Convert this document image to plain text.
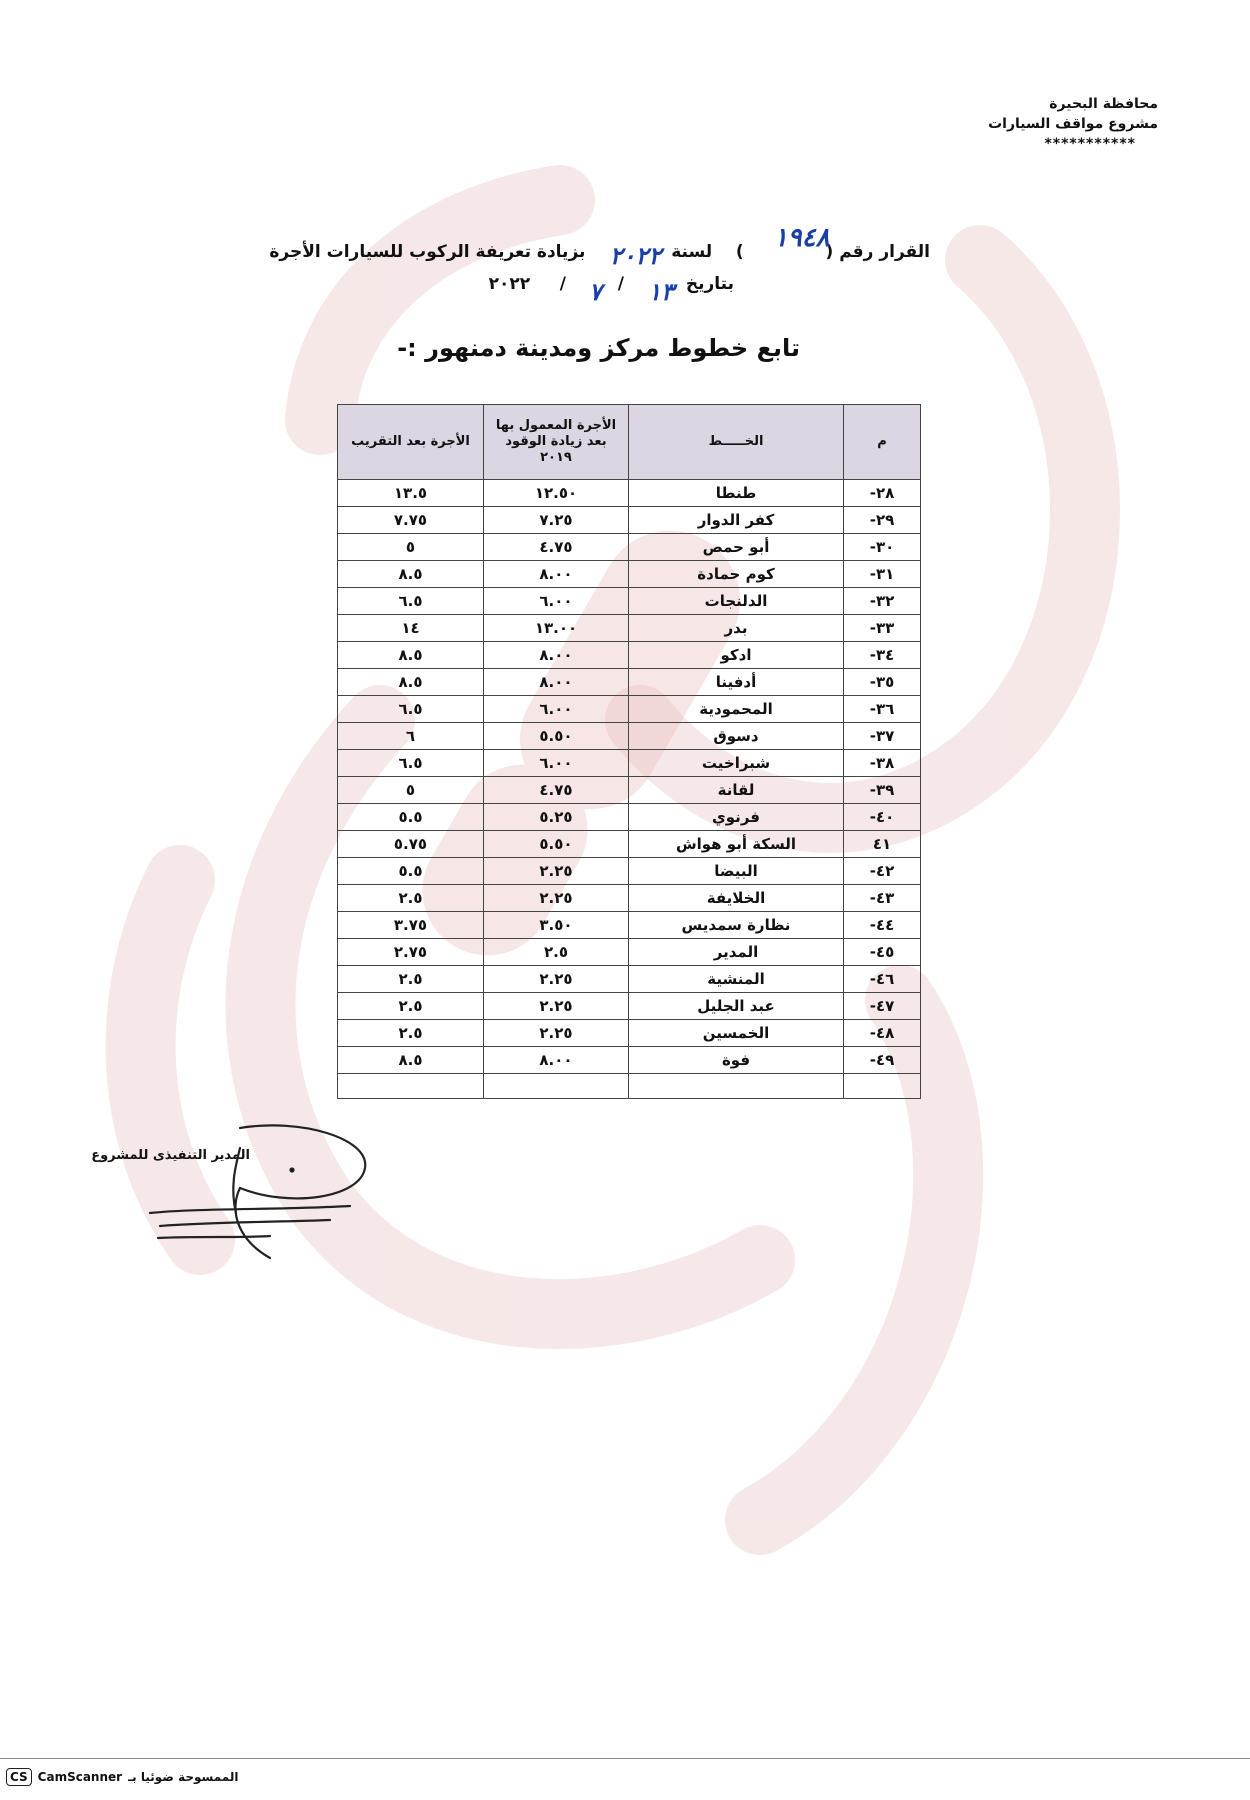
محافظة البحيرة
مشروع مواقف السيارات
***********
القرار رقم (
١٩٤٨
)    لسنة
٢٠٢٢
بزيادة تعريفة الركوب للسيارات الأجرة
بتاريخ
١٣
/
٧
/     ٢٠٢٢
تابع خطوط مركز ومدينة دمنهور :-
م	الخـــــط	الأجرة المعمول بها بعد زيادة الوقود ٢٠١٩	الأجرة بعد التقريب
٢٨-	طنطا	١٢.٥٠	١٣.٥
٢٩-	كفر الدوار	٧.٢٥	٧.٧٥
٣٠-	أبو حمص	٤.٧٥	٥
٣١-	كوم حمادة	٨.٠٠	٨.٥
٣٢-	الدلنجات	٦.٠٠	٦.٥
٣٣-	بدر	١٣.٠٠	١٤
٣٤-	ادكو	٨.٠٠	٨.٥
٣٥-	أدفينا	٨.٠٠	٨.٥
٣٦-	المحمودية	٦.٠٠	٦.٥
٣٧-	دسوق	٥.٥٠	٦
٣٨-	شبراخيت	٦.٠٠	٦.٥
٣٩-	لقانة	٤.٧٥	٥
٤٠-	فرنوي	٥.٢٥	٥.٥
٤١	السكة أبو هواش	٥.٥٠	٥.٧٥
٤٢-	البيضا	٢.٢٥	٥.٥
٤٣-	الخلايفة	٢.٢٥	٢.٥
٤٤-	نظارة سمديس	٣.٥٠	٣.٧٥
٤٥-	المدير	٢.٥	٢.٧٥
٤٦-	المنشية	٢.٢٥	٢.٥
٤٧-	عبد الجليل	٢.٢٥	٢.٥
٤٨-	الخمسين	٢.٢٥	٢.٥
٤٩-	فوة	٨.٠٠	٨.٥

المدير التنفيذى للمشروع
CS CamScanner الممسوحة ضوئيا بـ
